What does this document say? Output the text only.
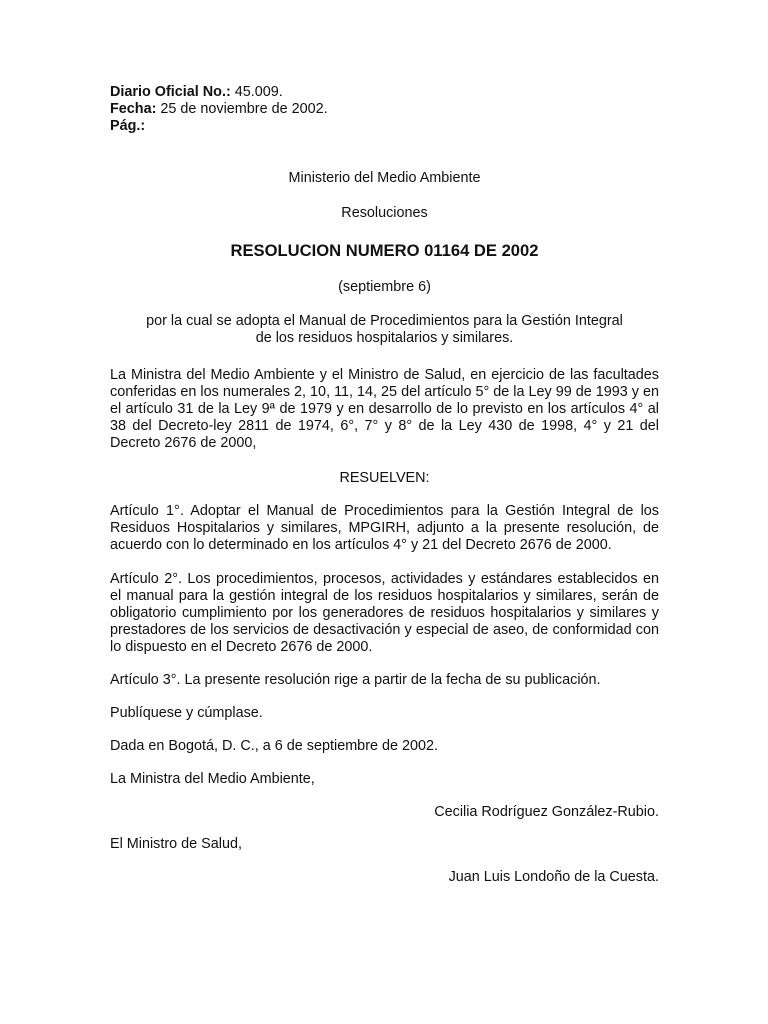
Diario Oficial No.: 45.009.

Fecha: 25 de noviembre de 2002.

Pág.:

Ministerio del Medio Ambiente

Resoluciones

RESOLUCION NUMERO 01164 DE 2002

(septiembre 6)

por la cual se adopta el Manual de Procedimientos para la Gestión Integral
de los residuos hospitalarios y similares.

La Ministra del Medio Ambiente y el Ministro de Salud, en ejercicio de las facultades conferidas en los numerales 2, 10, 11, 14, 25 del artículo 5° de la Ley 99 de 1993 y en el artículo 31 de la Ley 9ª de 1979 y en desarrollo de lo previsto en los artículos 4° al 38 del Decreto-ley 2811 de 1974, 6°, 7° y 8° de la Ley 430 de 1998, 4° y 21 del Decreto 2676 de 2000,

RESUELVEN:

Artículo 1°. Adoptar el Manual de Procedimientos para la Gestión Integral de los Residuos Hospitalarios y similares, MPGIRH, adjunto a la presente resolución, de acuerdo con lo determinado en los artículos 4° y 21 del Decreto 2676 de 2000.

Artículo 2°. Los procedimientos, procesos, actividades y estándares establecidos en el manual para la gestión integral de los residuos hospitalarios y similares, serán de obligatorio cumplimiento por los generadores de residuos hospitalarios y similares y prestadores de los servicios de desactivación y especial de aseo, de conformidad con lo dispuesto en el Decreto 2676 de 2000.

Artículo 3°. La presente resolución rige a partir de la fecha de su publicación.

Publíquese y cúmplase.

Dada en Bogotá, D. C., a 6 de septiembre de 2002.

La Ministra del Medio Ambiente,

Cecilia Rodríguez González-Rubio.

El Ministro de Salud,

Juan Luis Londoño de la Cuesta.
